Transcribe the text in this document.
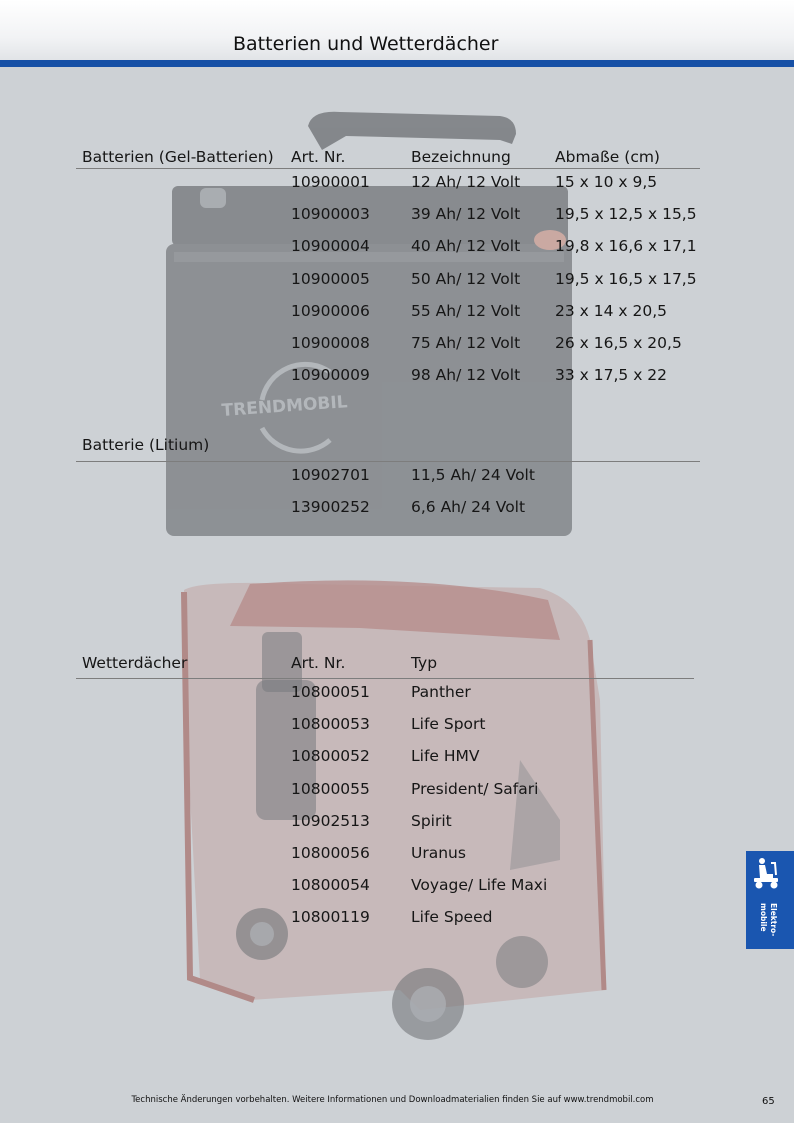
Batterien und Wetterdächer
TRENDMOBIL
Batterien (Gel-Batterien) Art. Nr.	Bezeichnung	Abmaße (cm)
10900001	12 Ah/ 12 Volt 15 x 10 x 9,5
10900003	39 Ah/ 12 Volt 19,5 x 12,5 x 15,5
10900004	40 Ah/ 12 Volt 19,8 x 16,6 x 17,1
10900005	50 Ah/ 12 Volt 19,5 x 16,5 x 17,5
10900006	55 Ah/ 12 Volt 23 x 14 x 20,5
10900008	75 Ah/ 12 Volt 26 x 16,5 x 20,5
10900009	98 Ah/ 12 Volt 33 x 17,5 x 22
Batterie (Litium)
10902701	11,5 Ah/ 24 Volt
13900252	6,6 Ah/ 24 Volt
Wetterdächer	Art. Nr.	Typ
10800051	Panther
10800053	Life Sport
10800052	Life HMV
10800055	President/ Safari
10902513	Spirit
10800056	Uranus
10800054	Voyage/ Life Maxi
10800119	Life Speed	Elektro-mobile
Technische Änderungen vorbehalten. Weitere Informationen und Downloadmaterialien finden Sie auf www.trendmobil.com	65
